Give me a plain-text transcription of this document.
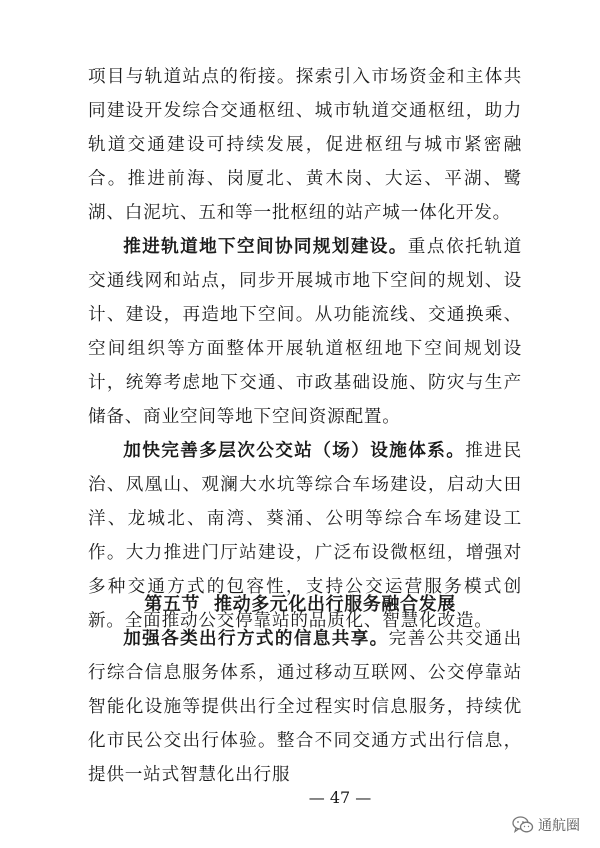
项目与轨道站点的衔接。探索引入市场资金和主体共同建设开发综合交通枢纽、城市轨道交通枢纽，助力轨道交通建设可持续发展，促进枢纽与城市紧密融合。推进前海、岗厦北、黄木岗、大运、平湖、鹭湖、白泥坑、五和等一批枢纽的站产城一体化开发。

推进轨道地下空间协同规划建设。重点依托轨道交通线网和站点，同步开展城市地下空间的规划、设计、建设，再造地下空间。从功能流线、交通换乘、空间组织等方面整体开展轨道枢纽地下空间规划设计，统筹考虑地下交通、市政基础设施、防灾与生产储备、商业空间等地下空间资源配置。

加快完善多层次公交站（场）设施体系。推进民治、凤凰山、观澜大水坑等综合车场建设，启动大田洋、龙城北、南湾、葵涌、公明等综合车场建设工作。大力推进门厅站建设，广泛布设微枢纽，增强对多种交通方式的包容性，支持公交运营服务模式创新。全面推动公交停靠站的品质化、智慧化改造。

第五节 推动多元化出行服务融合发展

加强各类出行方式的信息共享。完善公共交通出行综合信息服务体系，通过移动互联网、公交停靠站智能化设施等提供出行全过程实时信息服务，持续优化市民公交出行体验。整合不同交通方式出行信息，提供一站式智慧化出行服

— 47 —
通航圈
